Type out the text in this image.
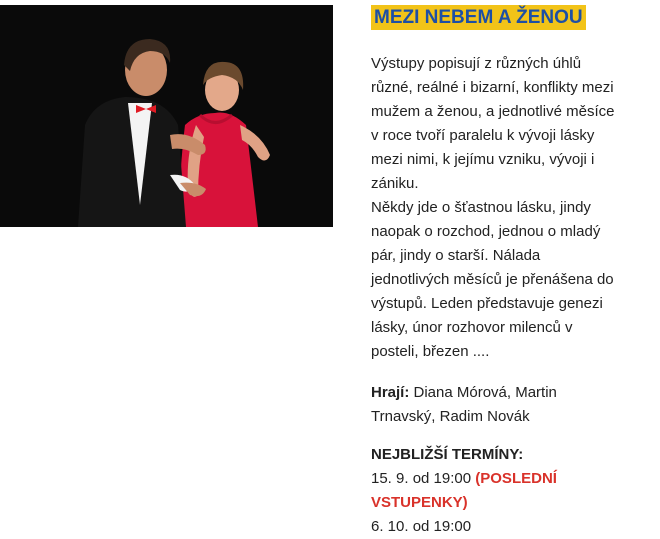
MEZI NEBEM A ŽENOU

Výstupy popisují z různých úhlů
různé, reálné i bizarní, konflikty mezi
mužem a ženou, a jednotlivé měsíce
v roce tvoří paralelu k vývoji lásky
mezi nimi, k jejímu vzniku, vývoji i
zániku.
Někdy jde o šťastnou lásku, jindy
naopak o rozchod, jednou o mladý
pár, jindy o starší. Nálada
jednotlivých měsíců je přenášena do
výstupů. Leden představuje genezi
lásky, únor rozhovor milenců v
posteli, březen ....

Hrají: Diana Mórová, Martin
Trnavský, Radim Novák
NEJBLIŽŠÍ TERMÍNY:
15. 9. od 19:00 (POSLEDNÍ
VSTUPENKY)
6. 10. od 19:00
